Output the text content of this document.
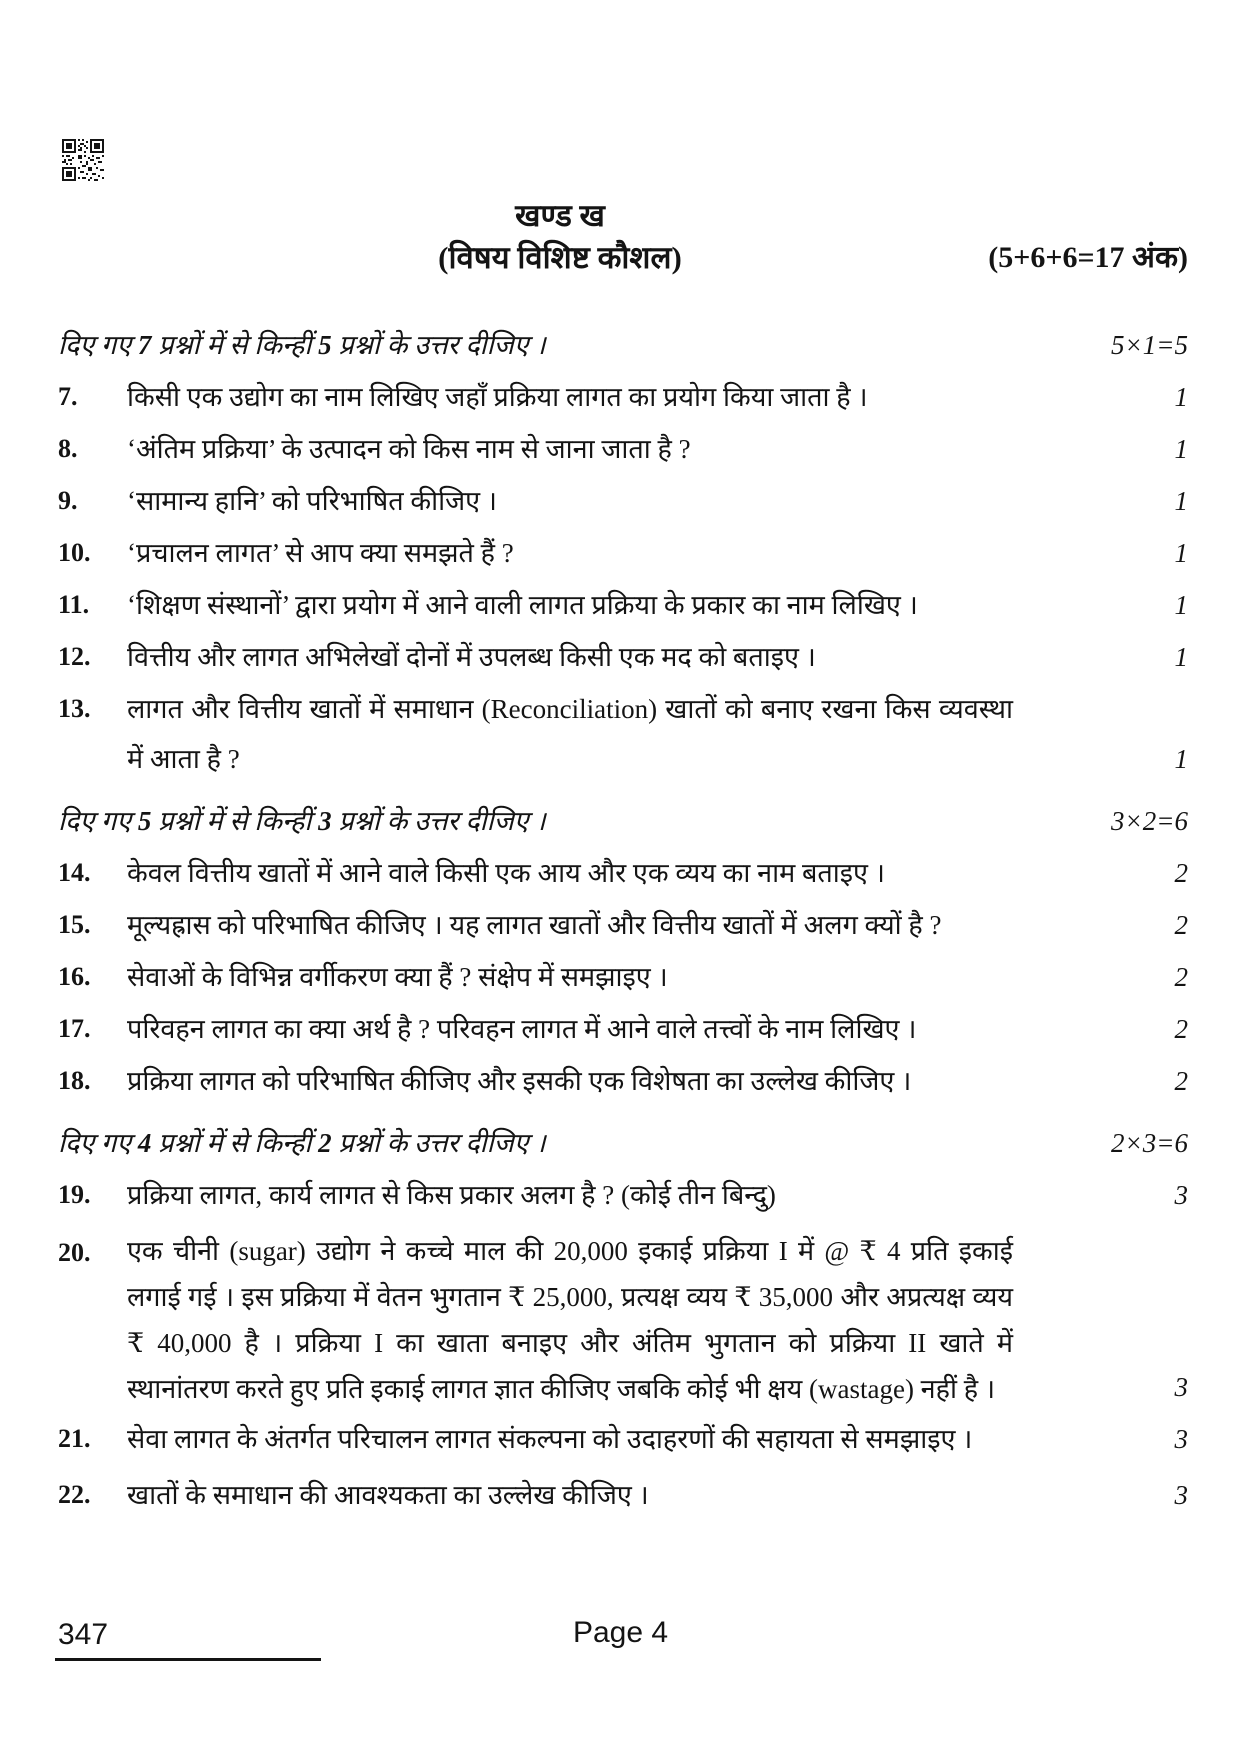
खण्ड ख
(विषय विशिष्ट कौशल)	(5+6+6=17 अंक)
दिए गए 7 प्रश्नों में से किन्हीं 5 प्रश्नों के उत्तर दीजिए ।	5×1=5
7.	किसी एक उद्योग का नाम लिखिए जहाँ प्रक्रिया लागत का प्रयोग किया जाता है ।	1
8.	‘अंतिम प्रक्रिया’ के उत्पादन को किस नाम से जाना जाता है ?	1
9.	‘सामान्य हानि’ को परिभाषित कीजिए ।	1
10.	‘प्रचालन लागत’ से आप क्या समझते हैं ?	1
11.	‘शिक्षण संस्थानों’ द्वारा प्रयोग में आने वाली लागत प्रक्रिया के प्रकार का नाम लिखिए ।	1
12.	वित्तीय और लागत अभिलेखों दोनों में उपलब्ध किसी एक मद को बताइए ।	1
13.	लागत और वित्तीय खातों में समाधान (Reconciliation) खातों को बनाए रखना किस व्यवस्था में आता है ?	1
दिए गए 5 प्रश्नों में से किन्हीं 3 प्रश्नों के उत्तर दीजिए ।	3×2=6
14.	केवल वित्तीय खातों में आने वाले किसी एक आय और एक व्यय का नाम बताइए ।	2
15.	मूल्यह्रास को परिभाषित कीजिए । यह लागत खातों और वित्तीय खातों में अलग क्यों है ?	2
16.	सेवाओं के विभिन्न वर्गीकरण क्या हैं ? संक्षेप में समझाइए ।	2
17.	परिवहन लागत का क्या अर्थ है ? परिवहन लागत में आने वाले तत्त्वों के नाम लिखिए ।	2
18.	प्रक्रिया लागत को परिभाषित कीजिए और इसकी एक विशेषता का उल्लेख कीजिए ।	2
दिए गए 4 प्रश्नों में से किन्हीं 2 प्रश्नों के उत्तर दीजिए ।	2×3=6
19.	प्रक्रिया लागत, कार्य लागत से किस प्रकार अलग है ? (कोई तीन बिन्दु)	3
20.	एक चीनी (sugar) उद्योग ने कच्चे माल की 20,000 इकाई प्रक्रिया I में @ ₹ 4 प्रति इकाई लगाई गई । इस प्रक्रिया में वेतन भुगतान ₹ 25,000, प्रत्यक्ष व्यय ₹ 35,000 और अप्रत्यक्ष व्यय ₹ 40,000 है । प्रक्रिया I का खाता बनाइए और अंतिम भुगतान को प्रक्रिया II खाते में स्थानांतरण करते हुए प्रति इकाई लागत ज्ञात कीजिए जबकि कोई भी क्षय (wastage) नहीं है ।	3
21.	सेवा लागत के अंतर्गत परिचालन लागत संकल्पना को उदाहरणों की सहायता से समझाइए ।	3
22.	खातों के समाधान की आवश्यकता का उल्लेख कीजिए ।	3
347	Page 4
